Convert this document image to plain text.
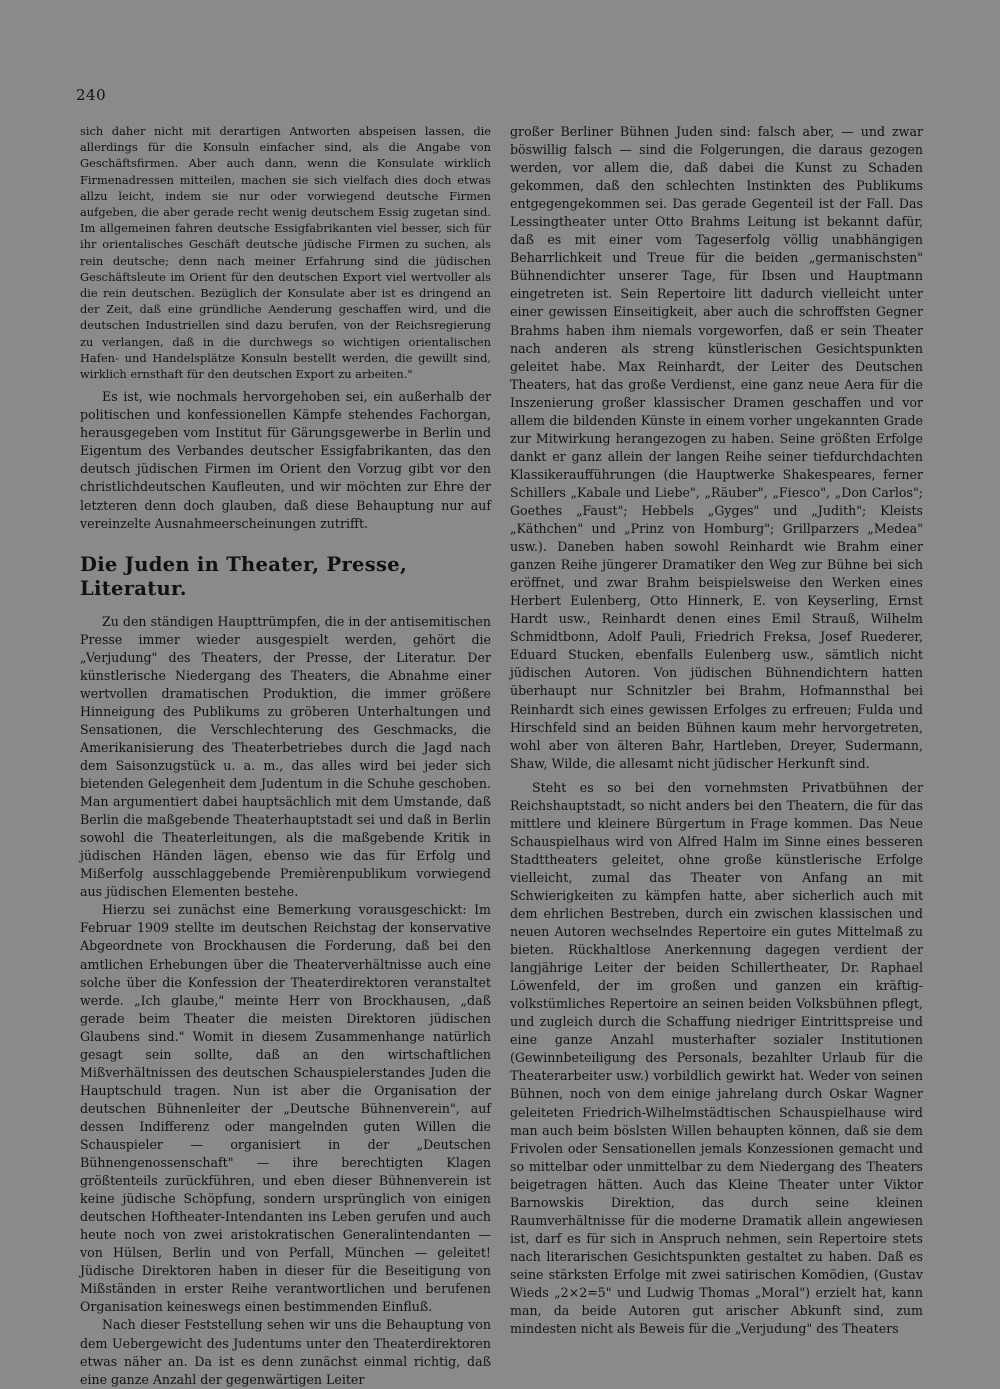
240

sich daher nicht mit derartigen Antworten abspeisen lassen, die allerdings für die Konsuln einfacher sind, als die Angabe von Geschäftsfirmen. Aber auch dann, wenn die Konsulate wirklich Firmenadressen mitteilen, machen sie sich vielfach dies doch etwas allzu leicht, indem sie nur oder vorwiegend deutsche Firmen aufgeben, die aber gerade recht wenig deutschem Essig zugetan sind. Im allgemeinen fahren deutsche Essigfabrikanten viel besser, sich für ihr orientalisches Geschäft deutsche jüdische Firmen zu suchen, als rein deutsche; denn nach meiner Erfahrung sind die jüdischen Geschäftsleute im Orient für den deutschen Export viel wertvoller als die rein deutschen. Bezüglich der Konsulate aber ist es dringend an der Zeit, daß eine gründliche Aenderung geschaffen wird, und die deutschen Industriellen sind dazu berufen, von der Reichsregierung zu verlangen, daß in die durchwegs so wichtigen orientalischen Hafen- und Handelsplätze Konsuln bestellt werden, die gewillt sind, wirklich ernsthaft für den deutschen Export zu arbeiten."

Es ist, wie nochmals hervorgehoben sei, ein außerhalb der politischen und konfessionellen Kämpfe stehendes Fachorgan, herausgegeben vom Institut für Gärungsgewerbe in Berlin und Eigentum des Verbandes deutscher Essigfabrikanten, das den deutsch jüdischen Firmen im Orient den Vorzug gibt vor den christlichdeutschen Kaufleuten, und wir möchten zur Ehre der letzteren denn doch glauben, daß diese Behauptung nur auf vereinzelte Ausnahmeerscheinungen zutrifft.

Die Juden in Theater, Presse, Literatur.

Zu den ständigen Haupttrümpfen, die in der antisemitischen Presse immer wieder ausgespielt werden, gehört die „Verjudung" des Theaters, der Presse, der Literatur. Der künstlerische Niedergang des Theaters, die Abnahme einer wertvollen dramatischen Produktion, die immer größere Hinneigung des Publikums zu gröberen Unterhaltungen und Sensationen, die Verschlechterung des Geschmacks, die Amerikanisierung des Theaterbetriebes durch die Jagd nach dem Saisonzugstück u. a. m., das alles wird bei jeder sich bietenden Gelegenheit dem Judentum in die Schuhe geschoben. Man argumentiert dabei hauptsächlich mit dem Umstande, daß Berlin die maßgebende Theaterhauptstadt sei und daß in Berlin sowohl die Theaterleitungen, als die maßgebende Kritik in jüdischen Händen lägen, ebenso wie das für Erfolg und Mißerfolg ausschlaggebende Premièrenpublikum vorwiegend aus jüdischen Elementen bestehe.

Hierzu sei zunächst eine Bemerkung vorausgeschickt: Im Februar 1909 stellte im deutschen Reichstag der konservative Abgeordnete von Brockhausen die Forderung, daß bei den amtlichen Erhebungen über die Theaterverhältnisse auch eine solche über die Konfession der Theaterdirektoren veranstaltet werde. „Ich glaube," meinte Herr von Brockhausen, „daß gerade beim Theater die meisten Direktoren jüdischen Glaubens sind." Womit in diesem Zusammenhange natürlich gesagt sein sollte, daß an den wirtschaftlichen Mißverhältnissen des deutschen Schauspielerstandes Juden die Hauptschuld tragen. Nun ist aber die Organisation der deutschen Bühnenleiter der „Deutsche Bühnenverein", auf dessen Indifferenz oder mangelnden guten Willen die Schauspieler — organisiert in der „Deutschen Bühnengenossenschaft" — ihre berechtigten Klagen größtenteils zurückführen, und eben dieser Bühnenverein ist keine jüdische Schöpfung, sondern ursprünglich von einigen deutschen Hoftheater-Intendanten ins Leben gerufen und auch heute noch von zwei aristokratischen Generalintendanten — von Hülsen, Berlin und von Perfall, München — geleitet! Jüdische Direktoren haben in dieser für die Beseitigung von Mißständen in erster Reihe verantwortlichen und berufenen Organisation keineswegs einen bestimmenden Einfluß.

Nach dieser Feststellung sehen wir uns die Behauptung von dem Uebergewicht des Judentums unter den Theaterdirektoren etwas näher an. Da ist es denn zunächst einmal richtig, daß eine ganze Anzahl der gegenwärtigen Leiter

großer Berliner Bühnen Juden sind: falsch aber, — und zwar böswillig falsch — sind die Folgerungen, die daraus gezogen werden, vor allem die, daß dabei die Kunst zu Schaden gekommen, daß den schlechten Instinkten des Publikums entgegengekommen sei. Das gerade Gegenteil ist der Fall. Das Lessingtheater unter Otto Brahms Leitung ist bekannt dafür, daß es mit einer vom Tageserfolg völlig unabhängigen Beharrlichkeit und Treue für die beiden „germanischsten" Bühnendichter unserer Tage, für Ibsen und Hauptmann eingetreten ist. Sein Repertoire litt dadurch vielleicht unter einer gewissen Einseitigkeit, aber auch die schroffsten Gegner Brahms haben ihm niemals vorgeworfen, daß er sein Theater nach anderen als streng künstlerischen Gesichtspunkten geleitet habe. Max Reinhardt, der Leiter des Deutschen Theaters, hat das große Verdienst, eine ganz neue Aera für die Inszenierung großer klassischer Dramen geschaffen und vor allem die bildenden Künste in einem vorher ungekannten Grade zur Mitwirkung herangezogen zu haben. Seine größten Erfolge dankt er ganz allein der langen Reihe seiner tiefdurchdachten Klassikeraufführungen (die Hauptwerke Shakespeares, ferner Schillers „Kabale und Liebe", „Räuber", „Fiesco", „Don Carlos"; Goethes „Faust"; Hebbels „Gyges" und „Judith"; Kleists „Käthchen" und „Prinz von Homburg"; Grillparzers „Medea" usw.). Daneben haben sowohl Reinhardt wie Brahm einer ganzen Reihe jüngerer Dramatiker den Weg zur Bühne bei sich eröffnet, und zwar Brahm beispielsweise den Werken eines Herbert Eulenberg, Otto Hinnerk, E. von Keyserling, Ernst Hardt usw., Reinhardt denen eines Emil Strauß, Wilhelm Schmidtbonn, Adolf Pauli, Friedrich Freksa, Josef Ruederer, Eduard Stucken, ebenfalls Eulenberg usw., sämtlich nicht jüdischen Autoren. Von jüdischen Bühnendichtern hatten überhaupt nur Schnitzler bei Brahm, Hofmannsthal bei Reinhardt sich eines gewissen Erfolges zu erfreuen; Fulda und Hirschfeld sind an beiden Bühnen kaum mehr hervorgetreten, wohl aber von älteren Bahr, Hartleben, Dreyer, Sudermann, Shaw, Wilde, die allesamt nicht jüdischer Herkunft sind.

Steht es so bei den vornehmsten Privatbühnen der Reichshauptstadt, so nicht anders bei den Theatern, die für das mittlere und kleinere Bürgertum in Frage kommen. Das Neue Schauspielhaus wird von Alfred Halm im Sinne eines besseren Stadttheaters geleitet, ohne große künstlerische Erfolge vielleicht, zumal das Theater von Anfang an mit Schwierigkeiten zu kämpfen hatte, aber sicherlich auch mit dem ehrlichen Bestreben, durch ein zwischen klassischen und neuen Autoren wechselndes Repertoire ein gutes Mittelmaß zu bieten. Rückhaltlose Anerkennung dagegen verdient der langjährige Leiter der beiden Schillertheater, Dr. Raphael Löwenfeld, der im großen und ganzen ein kräftig-volkstümliches Repertoire an seinen beiden Volksbühnen pflegt, und zugleich durch die Schaffung niedriger Eintrittspreise und eine ganze Anzahl musterhafter sozialer Institutionen (Gewinnbeteiligung des Personals, bezahlter Urlaub für die Theaterarbeiter usw.) vorbildlich gewirkt hat. Weder von seinen Bühnen, noch von dem einige jahrelang durch Oskar Wagner geleiteten Friedrich-Wilhelmstädtischen Schauspielhause wird man auch beim böslsten Willen behaupten können, daß sie dem Frivolen oder Sensationellen jemals Konzessionen gemacht und so mittelbar oder unmittelbar zu dem Niedergang des Theaters beigetragen hätten. Auch das Kleine Theater unter Viktor Barnowskis Direktion, das durch seine kleinen Raumverhältnisse für die moderne Dramatik allein angewiesen ist, darf es für sich in Anspruch nehmen, sein Repertoire stets nach literarischen Gesichtspunkten gestaltet zu haben. Daß es seine stärksten Erfolge mit zwei satirischen Komödien, (Gustav Wieds „2×2=5" und Ludwig Thomas „Moral") erzielt hat, kann man, da beide Autoren gut arischer Abkunft sind, zum mindesten nicht als Beweis für die „Verjudung" des Theaters
